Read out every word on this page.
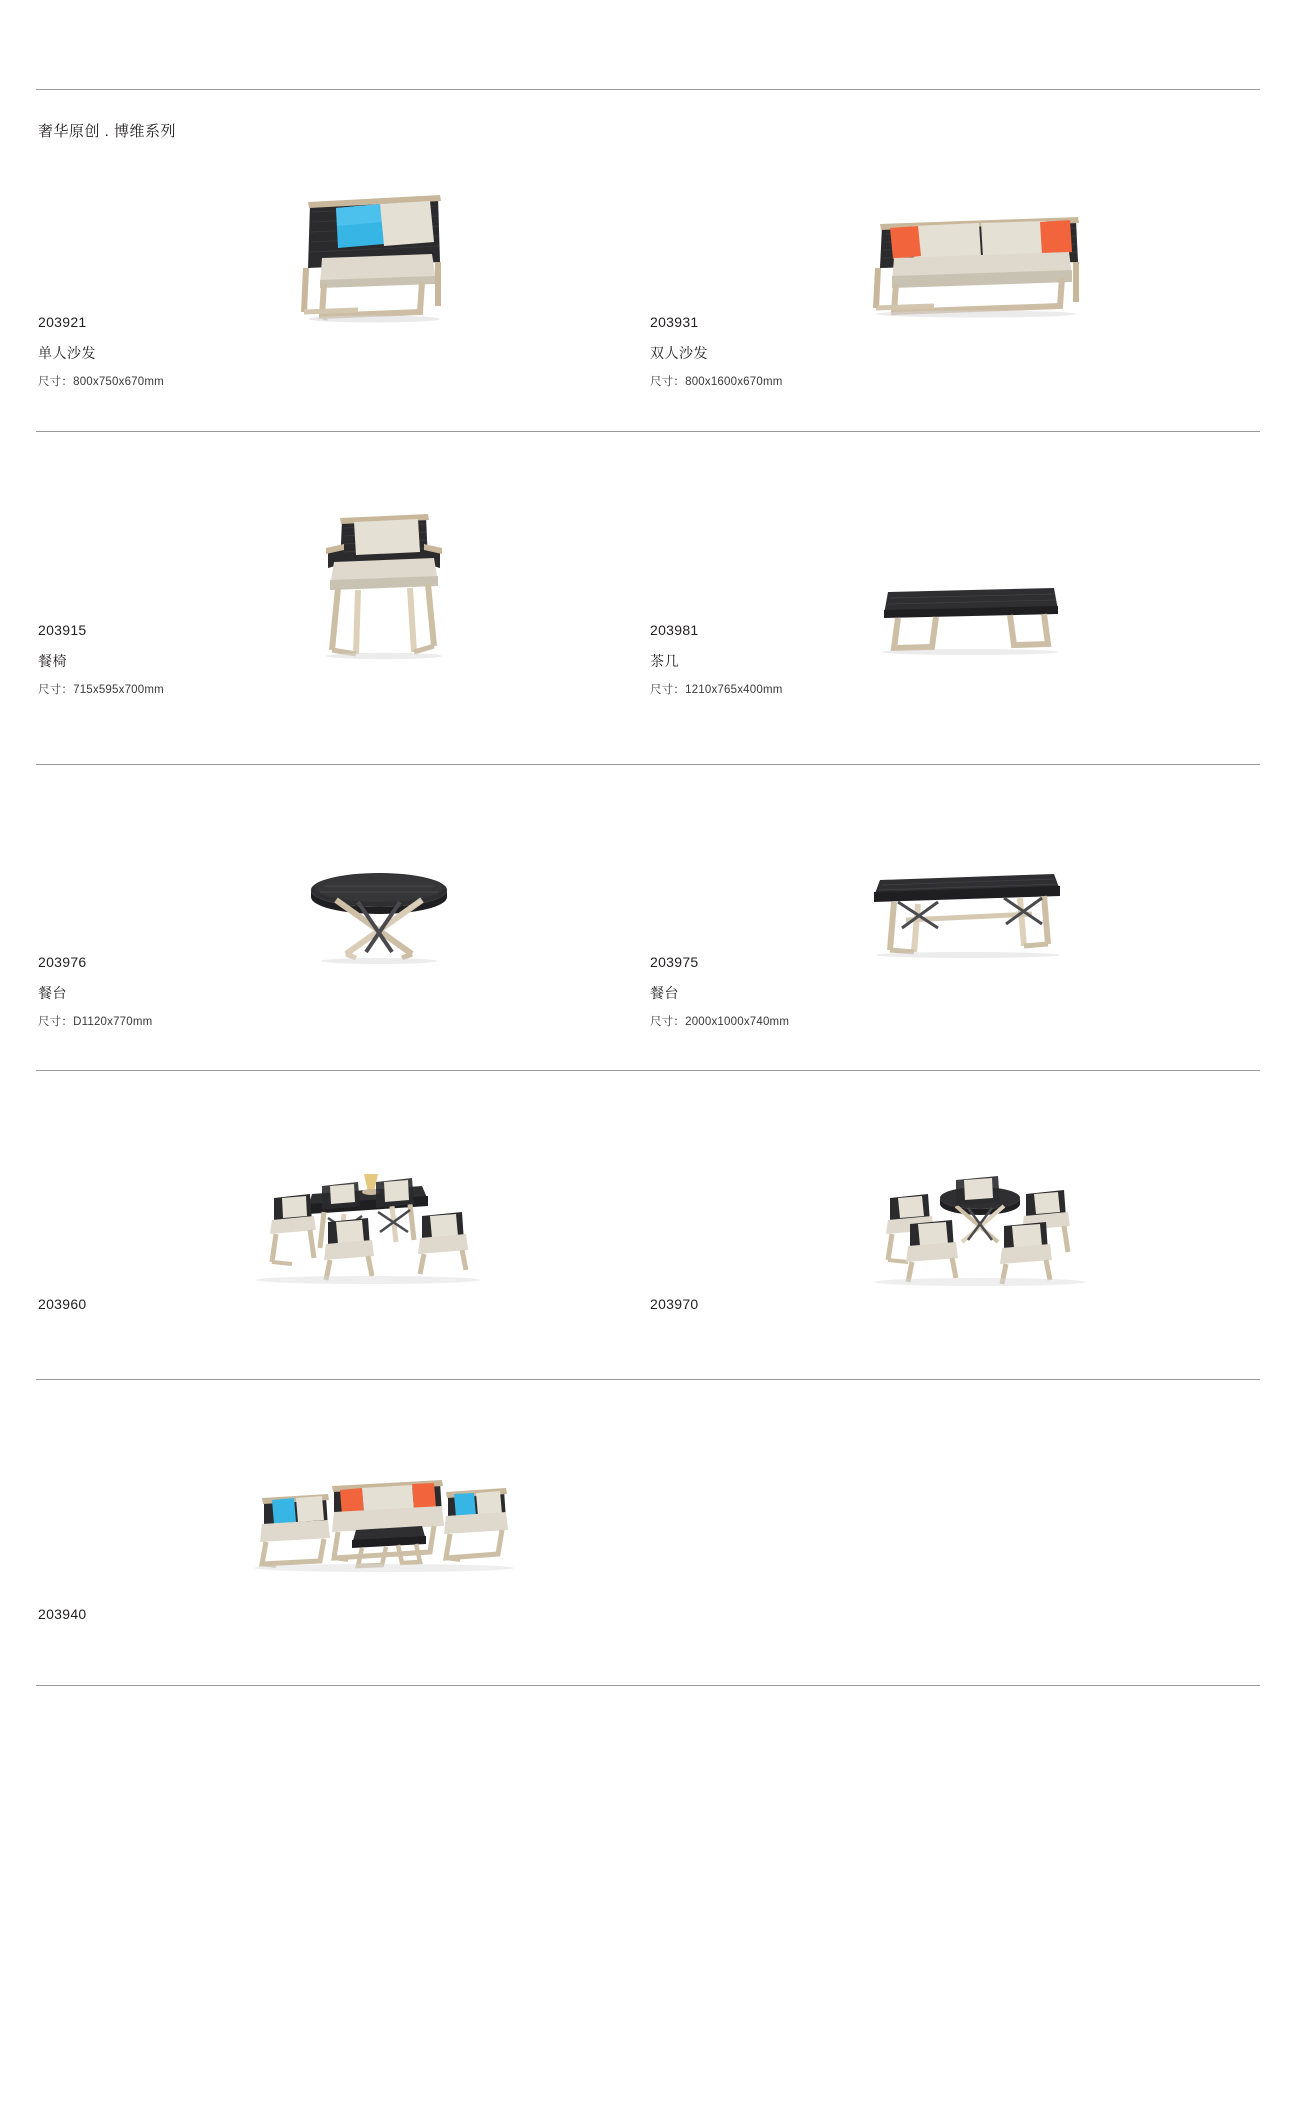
奢华原创 . 博维系列
203921
单人沙发
尺寸：800x750x670mm
203931
双人沙发
尺寸：800x1600x670mm
203915
餐椅
尺寸：715x595x700mm
203981
茶几
尺寸：1210x765x400mm
203976
餐台
尺寸：D1120x770mm
203975
餐台
尺寸：2000x1000x740mm
203960	203970
203940
